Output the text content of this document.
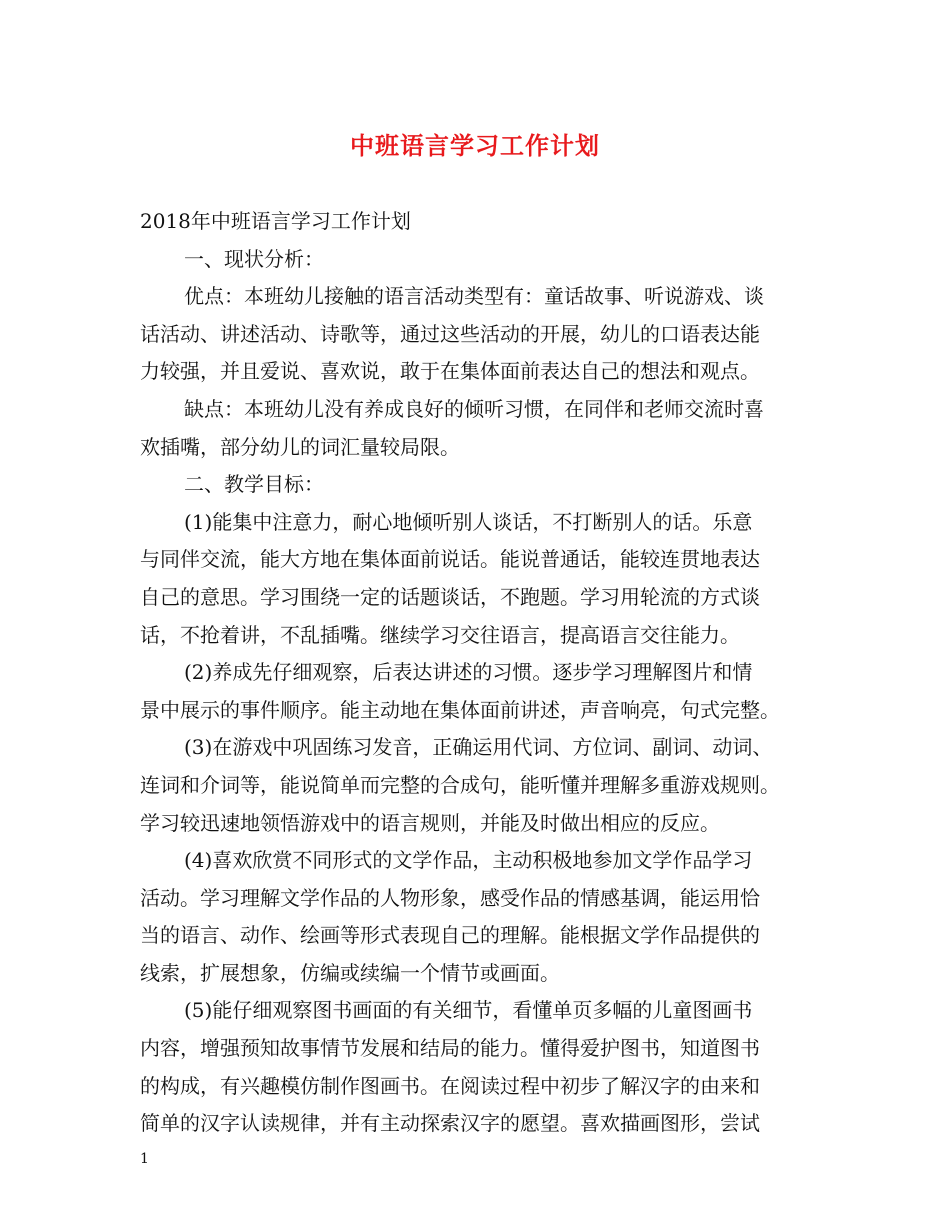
中班语言学习工作计划
2018年中班语言学习工作计划
一、现状分析：
优点：本班幼儿接触的语言活动类型有：童话故事、听说游戏、谈
话活动、讲述活动、诗歌等，通过这些活动的开展，幼儿的口语表达能
力较强，并且爱说、喜欢说，敢于在集体面前表达自己的想法和观点。
缺点：本班幼儿没有养成良好的倾听习惯，在同伴和老师交流时喜
欢插嘴，部分幼儿的词汇量较局限。
二、教学目标：
(1)能集中注意力，耐心地倾听别人谈话，不打断别人的话。乐意
与同伴交流，能大方地在集体面前说话。能说普通话，能较连贯地表达
自己的意思。学习围绕一定的话题谈话，不跑题。学习用轮流的方式谈
话，不抢着讲，不乱插嘴。继续学习交往语言，提高语言交往能力。
(2)养成先仔细观察，后表达讲述的习惯。逐步学习理解图片和情
景中展示的事件顺序。能主动地在集体面前讲述，声音响亮，句式完整。
(3)在游戏中巩固练习发音，正确运用代词、方位词、副词、动词、
连词和介词等，能说简单而完整的合成句，能听懂并理解多重游戏规则。
学习较迅速地领悟游戏中的语言规则，并能及时做出相应的反应。
(4)喜欢欣赏不同形式的文学作品，主动积极地参加文学作品学习
活动。学习理解文学作品的人物形象，感受作品的情感基调，能运用恰
当的语言、动作、绘画等形式表现自己的理解。能根据文学作品提供的
线索，扩展想象，仿编或续编一个情节或画面。
(5)能仔细观察图书画面的有关细节，看懂单页多幅的儿童图画书
内容，增强预知故事情节发展和结局的能力。懂得爱护图书，知道图书
的构成，有兴趣模仿制作图画书。在阅读过程中初步了解汉字的由来和
简单的汉字认读规律，并有主动探索汉字的愿望。喜欢描画图形，尝试
1
